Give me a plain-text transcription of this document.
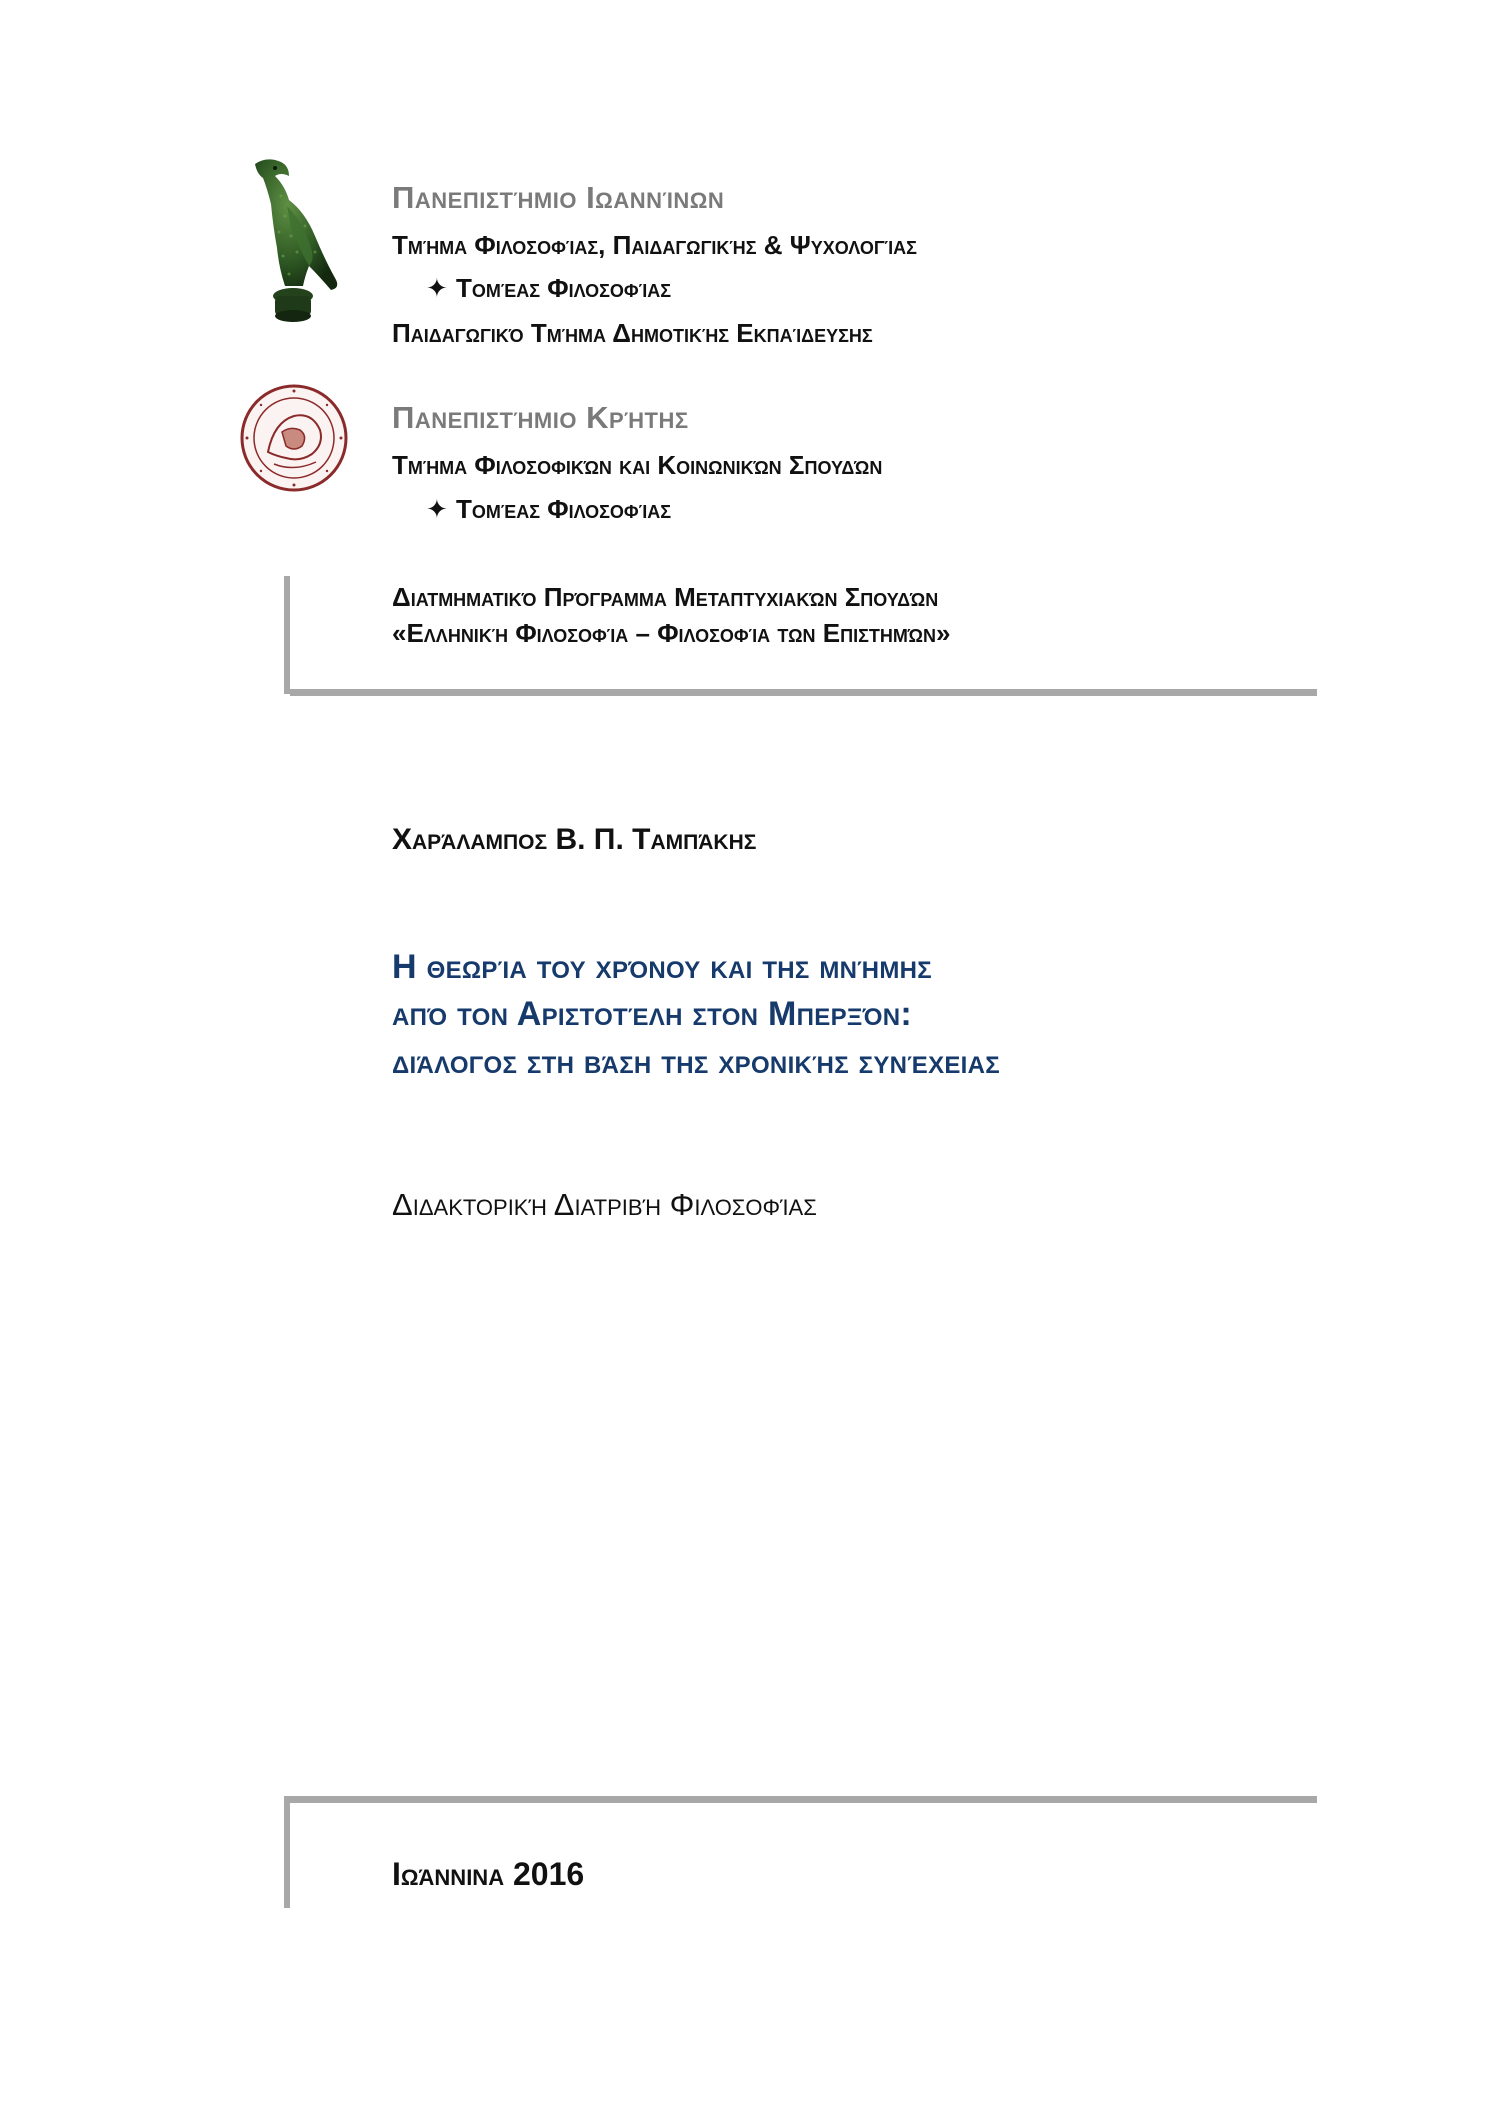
Πανεπιστήμιο Ιωαννίνων
Τμήμα Φιλοσοφίας, Παιδαγωγικής & Ψυχολογίας
✦ Τομέας Φιλοσοφίας
Παιδαγωγικό Τμήμα Δημοτικής Εκπαίδευσης
Πανεπιστήμιο Κρήτης
Τμήμα Φιλοσοφικών και Κοινωνικών Σπουδών
✦ Τομέας Φιλοσοφίας
Διατμηματικό Πρόγραμμα Μεταπτυχιακών Σπουδών
«Ελληνική Φιλοσοφία – Φιλοσοφία των Επιστημών»
Χαράλαμπος Β. Π. Ταμπάκης
Η θεωρία του χρόνου και της μνήμης
από τον Αριστοτέλη στον Μπερξόν:
διάλογος στη βάση της χρονικής συνέχειας
Διδακτορική Διατριβή Φιλοσοφίας
Ιωάννινα 2016
